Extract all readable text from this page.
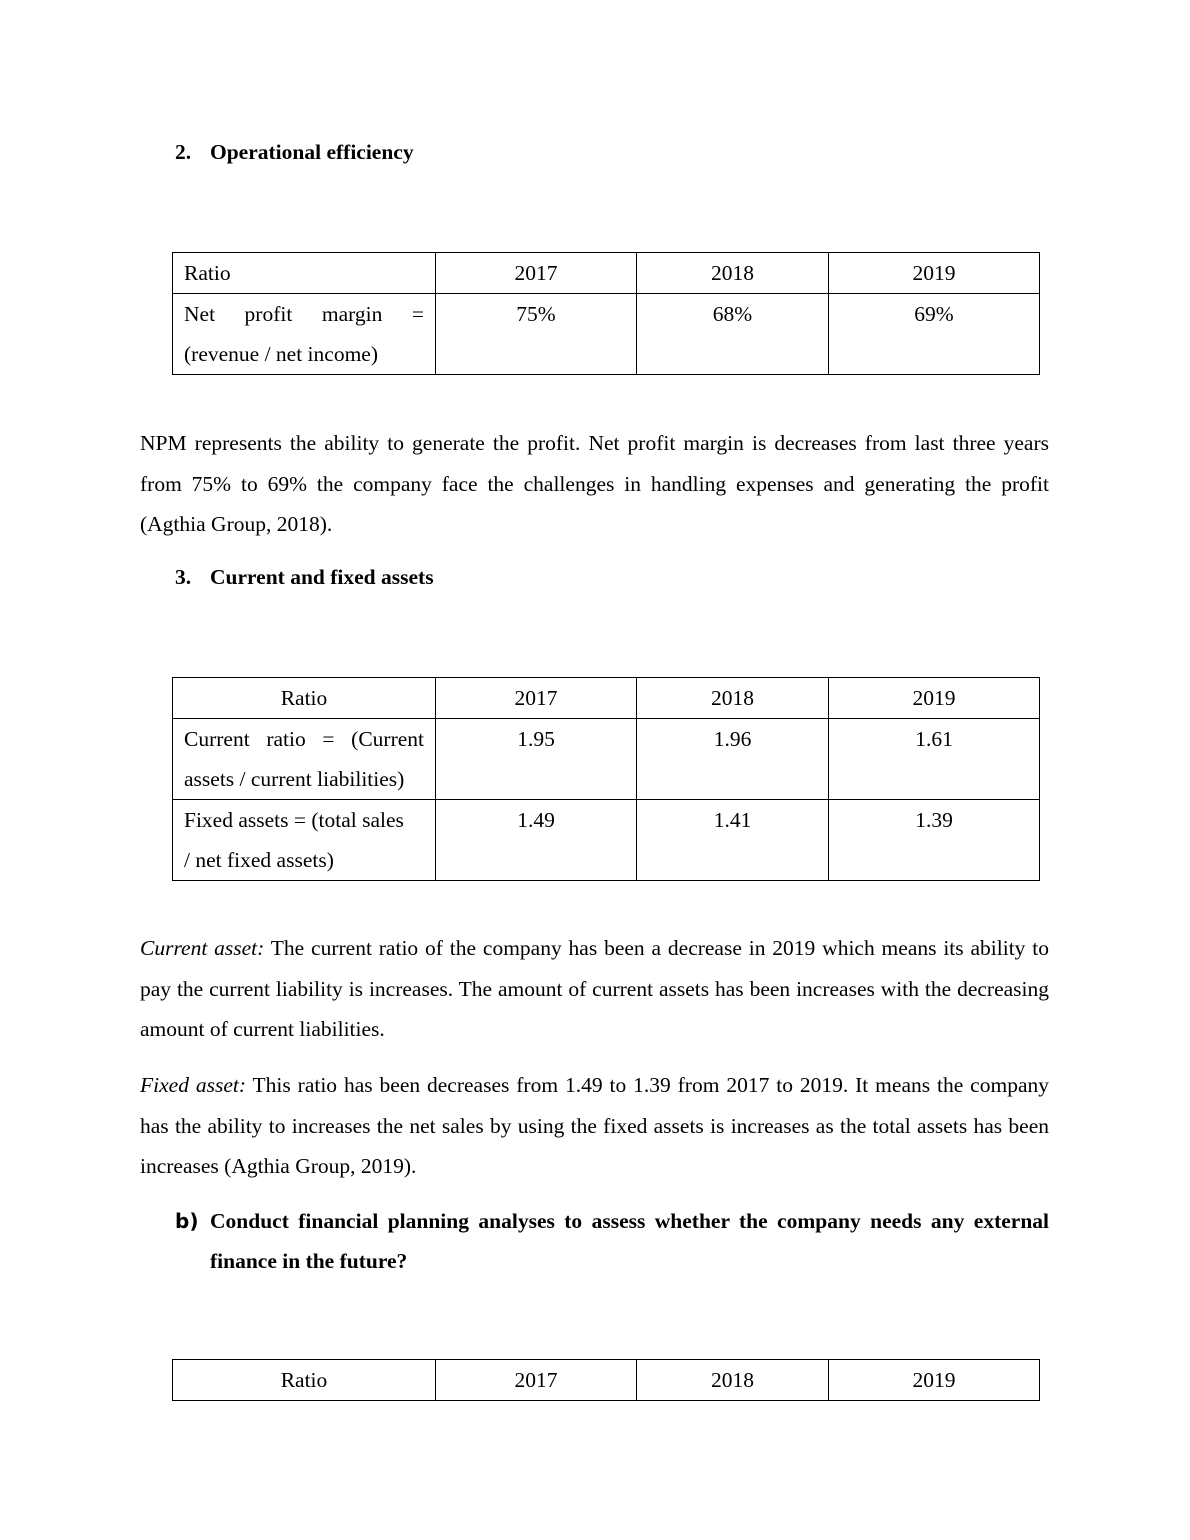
2. Operational efficiency
Ratio	2017	2018	2019

Net profit margin =
(revenue / net income)	75%	68%	69%

NPM represents the ability to generate the profit. Net profit margin is decreases from last three years from 75% to 69% the company face the challenges in handling expenses and generating the profit (Agthia Group, 2018).

3. Current and fixed assets
Ratio	2017	2018	2019

Current ratio = (Current
assets / current liabilities)	1.95	1.96	1.61

Fixed assets = (total sales
/ net fixed assets)	1.49	1.41	1.39

Current asset: The current ratio of the company has been a decrease in 2019 which means its ability to pay the current liability is increases. The amount of current assets has been increases with the decreasing amount of current liabilities.

Fixed asset: This ratio has been decreases from 1.49 to 1.39 from 2017 to 2019. It means the company has the ability to increases the net sales by using the fixed assets is increases as the total assets has been increases (Agthia Group, 2019).

b) Conduct financial planning analyses to assess whether the company needs any external finance in the future?

Ratio	2017	2018	2019
